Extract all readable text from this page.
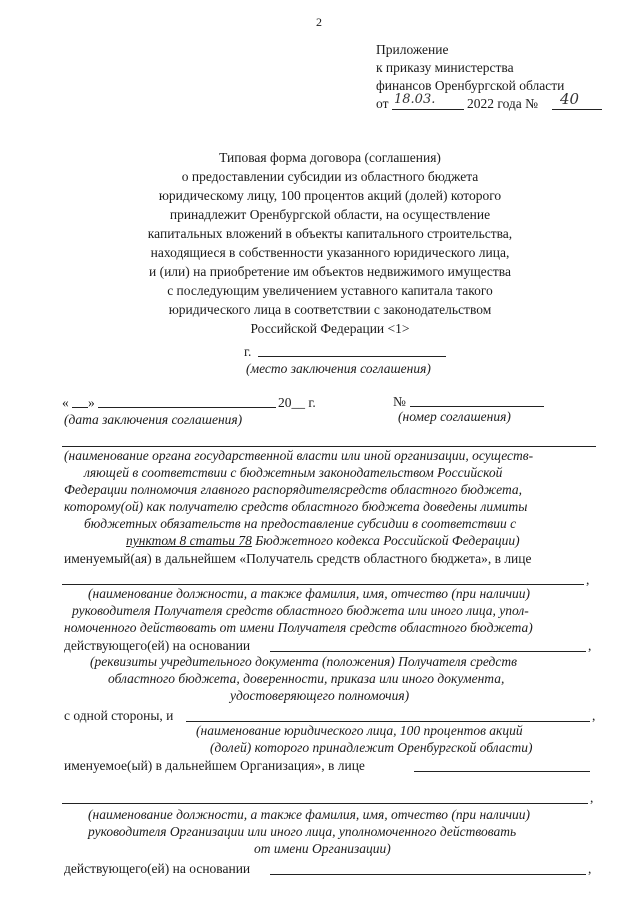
2
Приложение
к приказу министерства
финансов Оренбургской области
от 18.03. 2022 года № 40
Типовая форма договора (соглашения)
о предоставлении субсидии из областного бюджета
юридическому лицу, 100 процентов акций (долей) которого
принадлежит Оренбургской области, на осуществление
капитальных вложений в объекты капитального строительства,
находящиеся в собственности указанного юридического лица,
и (или) на приобретение им объектов недвижимого имущества
с последующим увеличением уставного капитала такого
юридического лица в соответствии с законодательством
Российской Федерации <1>
г.
(место заключения соглашения)
« »	20__ г.	№
(дата заключения соглашения)	(номер соглашения)
(наименование органа государственной власти или иной организации, осуществ-
ляющей в соответствии с бюджетным законодательством Российской
Федерации полномочия главного распорядителясредств областного бюджета,
которому(ой) как получателю средств областного бюджета доведены лимиты
бюджетных обязательств на предоставление субсидии в соответствии с
пунктом 8 статьи 78 Бюджетного кодекса Российской Федерации)
именуемый(ая) в дальнейшем «Получатель средств областного бюджета», в лице
,
(наименование должности, а также фамилия, имя, отчество (при наличии)
руководителя Получателя средств областного бюджета или иного лица, упол-
номоченного действовать от имени Получателя средств областного бюджета)
действующего(ей) на основании	,
(реквизиты учредительного документа (положения) Получателя средств
областного бюджета, доверенности, приказа или иного документа,
удостоверяющего полномочия)
с одной стороны, и	,
(наименование юридического лица, 100 процентов акций
(долей) которого принадлежит Оренбургской области)
именуемое(ый) в дальнейшем Организация», в лице
,
(наименование должности, а также фамилия, имя, отчество (при наличии)
руководителя Организации или иного лица, уполномоченного действовать
от имени Организации)
действующего(ей) на основании	,
